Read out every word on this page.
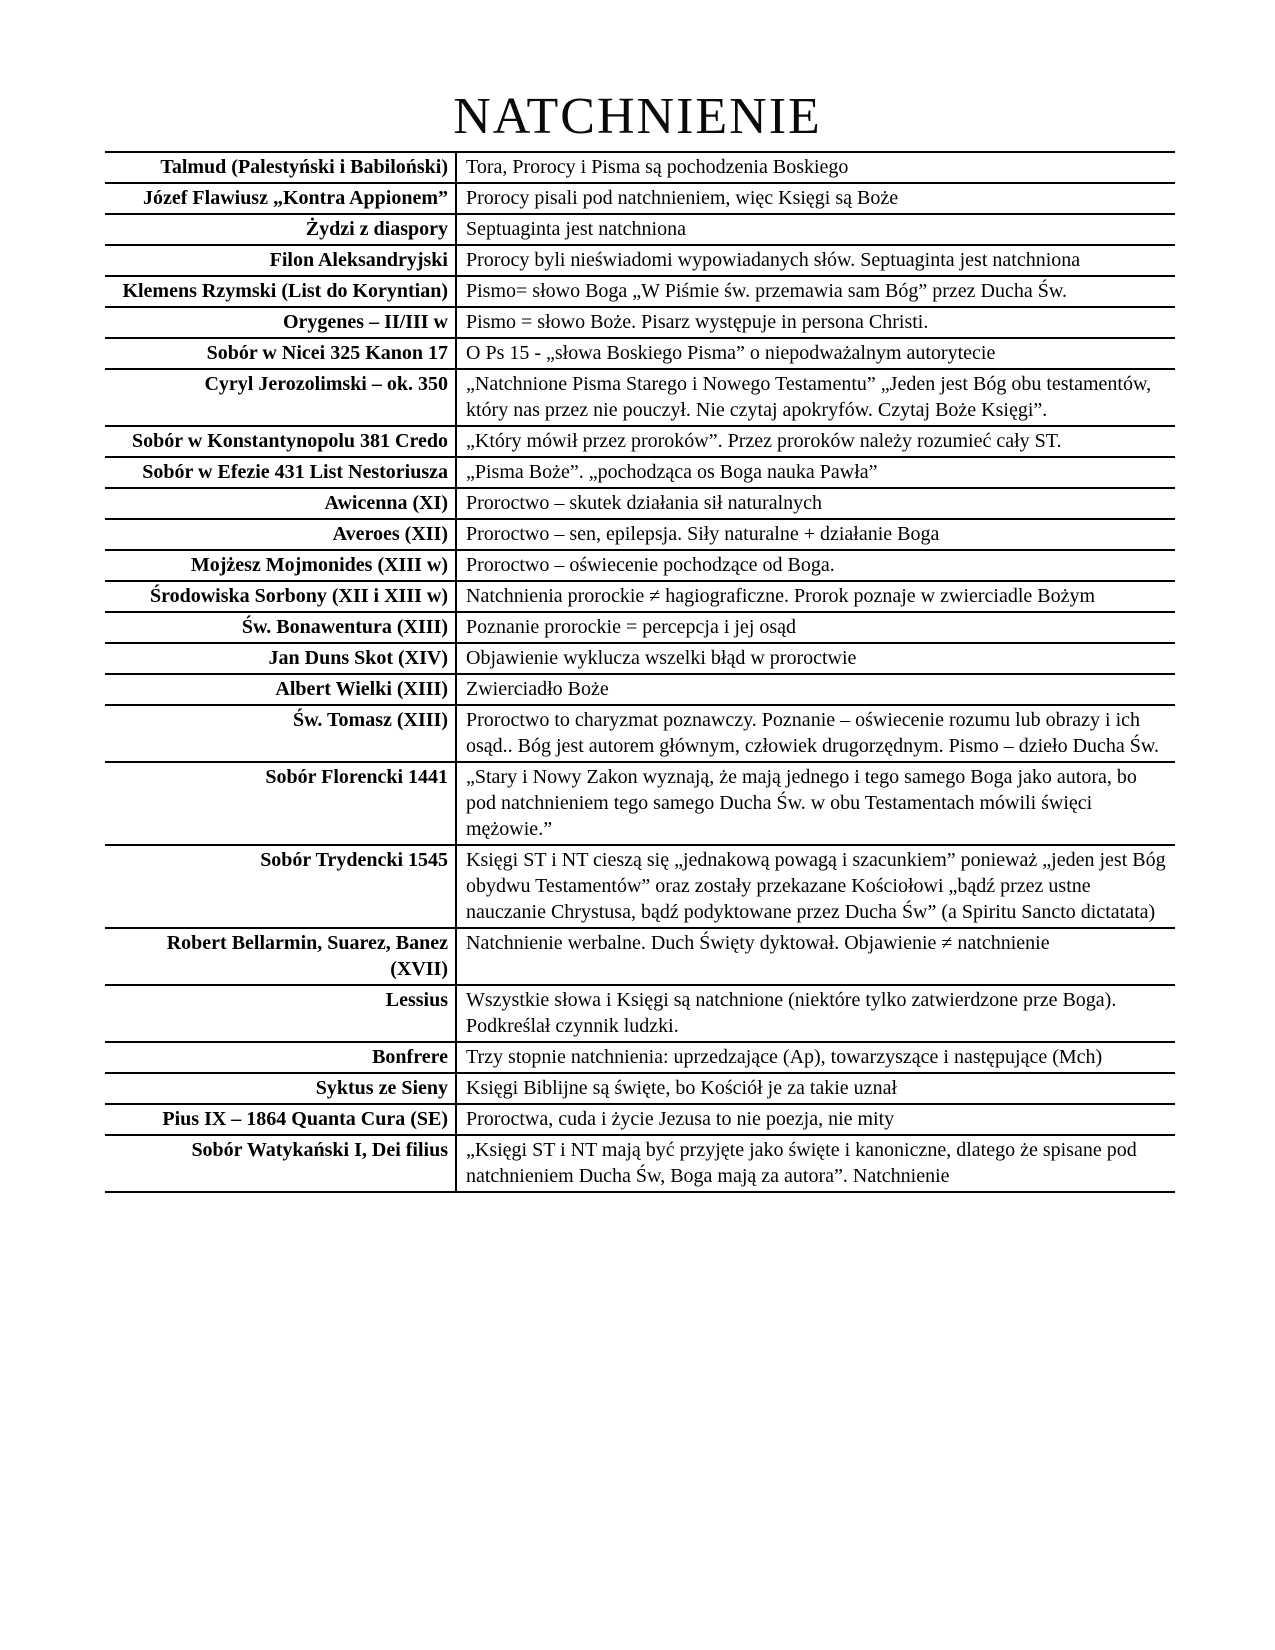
NATCHNIENIE
Talmud (Palestyński i Babiloński) Tora, Prorocy i Pisma są pochodzenia Boskiego
Józef Flawiusz „Kontra Appionem” Prorocy pisali pod natchnieniem, więc Księgi są Boże
Żydzi z diaspory Septuaginta jest natchniona
Filon Aleksandryjski Prorocy byli nieświadomi wypowiadanych słów. Septuaginta jest natchniona
Klemens Rzymski (List do Koryntian) Pismo= słowo Boga „W Piśmie św. przemawia sam Bóg” przez Ducha Św.
Orygenes – II/III w Pismo = słowo Boże. Pisarz występuje in persona Christi.
Sobór w Nicei 325 Kanon 17 O Ps 15 - „słowa Boskiego Pisma” o niepodważalnym autorytecie
Cyryl Jerozolimski – ok. 350 „Natchnione Pisma Starego i Nowego Testamentu” „Jeden jest Bóg obu testamentów, który nas przez nie pouczył. Nie czytaj apokryfów. Czytaj Boże Księgi”.
Sobór w Konstantynopolu 381 Credo „Który mówił przez proroków”. Przez proroków należy rozumieć cały ST.
Sobór w Efezie 431 List Nestoriusza „Pisma Boże”. „pochodząca os Boga nauka Pawła”
Awicenna (XI) Proroctwo – skutek działania sił naturalnych
Averoes (XII) Proroctwo – sen, epilepsja. Siły naturalne + działanie Boga
Mojżesz Mojmonides (XIII w) Proroctwo – oświecenie pochodzące od Boga.
Środowiska Sorbony (XII i XIII w) Natchnienia prorockie ≠ hagiograficzne. Prorok poznaje w zwierciadle Bożym
Św. Bonawentura (XIII) Poznanie prorockie = percepcja i jej osąd
Jan Duns Skot (XIV) Objawienie wyklucza wszelki błąd w proroctwie
Albert Wielki (XIII) Zwierciadło Boże
Św. Tomasz (XIII) Proroctwo to charyzmat poznawczy. Poznanie – oświecenie rozumu lub obrazy i ich osąd.. Bóg jest autorem głównym, człowiek drugorzędnym. Pismo – dzieło Ducha Św.
Sobór Florencki 1441 „Stary i Nowy Zakon wyznają, że mają jednego i tego samego Boga jako autora, bo pod natchnieniem tego samego Ducha Św. w obu Testamentach mówili święci mężowie.”
Sobór Trydencki 1545 Księgi ST i NT cieszą się „jednakową powagą i szacunkiem” ponieważ „jeden jest Bóg obydwu Testamentów” oraz zostały przekazane Kościołowi „bądź przez ustne nauczanie Chrystusa, bądź podyktowane przez Ducha Św” (a Spiritu Sancto dictatata)
Robert Bellarmin, Suarez, Banez (XVII)
Natchnienie werbalne. Duch Święty dyktował. Objawienie ≠ natchnienie
Lessius Wszystkie słowa i Księgi są natchnione (niektóre tylko zatwierdzone prze Boga). Podkreślał czynnik ludzki.
Bonfrere Trzy stopnie natchnienia: uprzedzające (Ap), towarzyszące i następujące (Mch)
Syktus ze Sieny Księgi Biblijne są święte, bo Kościół je za takie uznał
Pius IX – 1864 Quanta Cura (SE) Proroctwa, cuda i życie Jezusa to nie poezja, nie mity
Sobór Watykański I, Dei filius „Księgi ST i NT mają być przyjęte jako święte i kanoniczne, dlatego że spisane pod natchnieniem Ducha Św, Boga mają za autora”. Natchnienie
